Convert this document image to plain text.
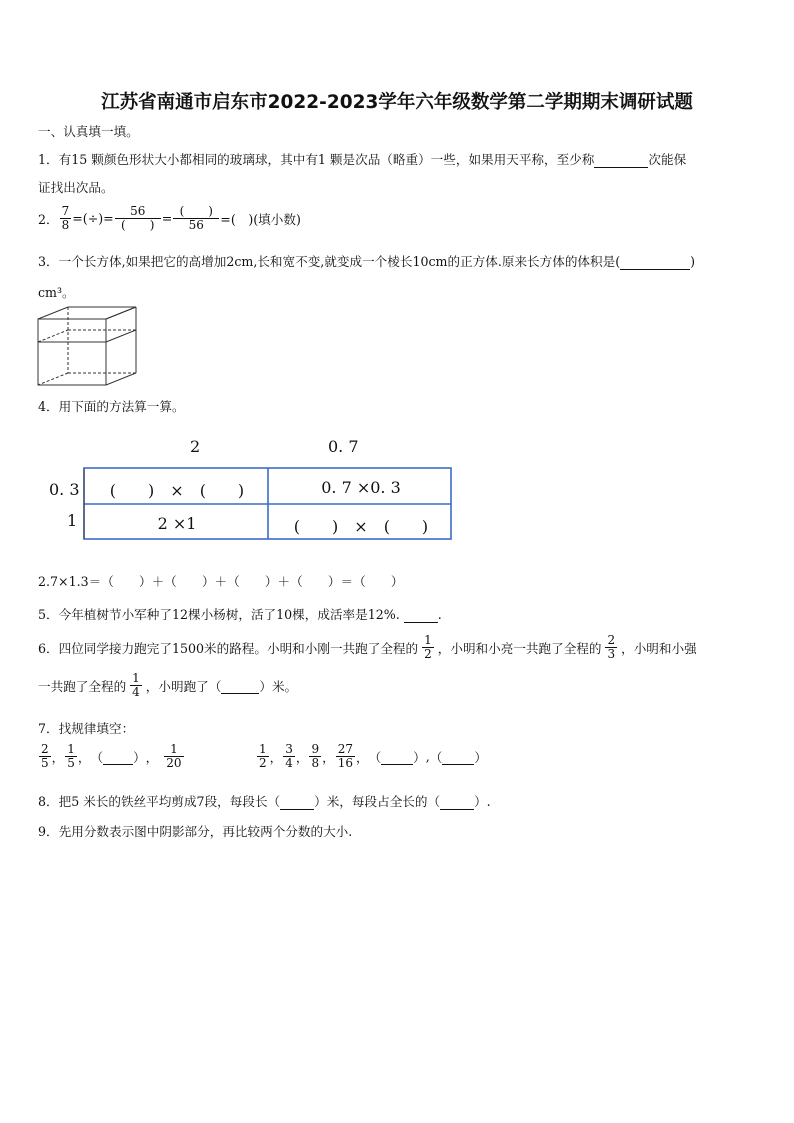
江苏省南通市启东市2022-2023学年六年级数学第二学期期末调研试题
一、认真填一填。
1．有15 颗颜色形状大小都相同的玻璃球，其中有1 颗是次品（略重）一些，如果用天平称，至少称	次能保
证找出次品。
2． $\frac{7}{8}$ =(÷)= $\frac{56}{( )} = \frac{( )}{56}$ =(　)(填小数)
3．一个长方体,如果把它的高增加2cm,长和宽不变,就变成一个棱长10cm的正方体.原来长方体的体积是(	)
cm³。
4．用下面的方法算一算。
2	0. 7
0. 3
1
(　　)　×　(　　)	0. 7 ×0. 3
2 ×1	(　　)　×　(　　)
2.7×1.3＝（　　）＋（　　）＋（　　）＋（　　）＝（　　）
5．今年植树节小军种了12棵小杨树，活了10棵，成活率是12%.	.
6．四位同学接力跑完了1500米的路程。小明和小刚一共跑了全程的 $\frac{1}{2}$ ，小明和小亮一共跑了全程的 $\frac{2}{3}$ ，小明和小强
一共跑了全程的 $\frac{1}{4}$ ，小明跑了（
	）米。
7．找规律填空：
$\frac{2}{5}$ ， $\frac{1}{5}$ ， （
） ， $\frac{1}{20}$	$\frac{1}{2}$ ， $\frac{3}{4}$ ， $\frac{9}{8}$ ， $\frac{27}{16}$ ， （
	） , （
	）
8．把5 米长的铁丝平均剪成7段，每段长（	）米，每段占全长的（	）.
9．先用分数表示图中阴影部分，再比较两个分数的大小.
